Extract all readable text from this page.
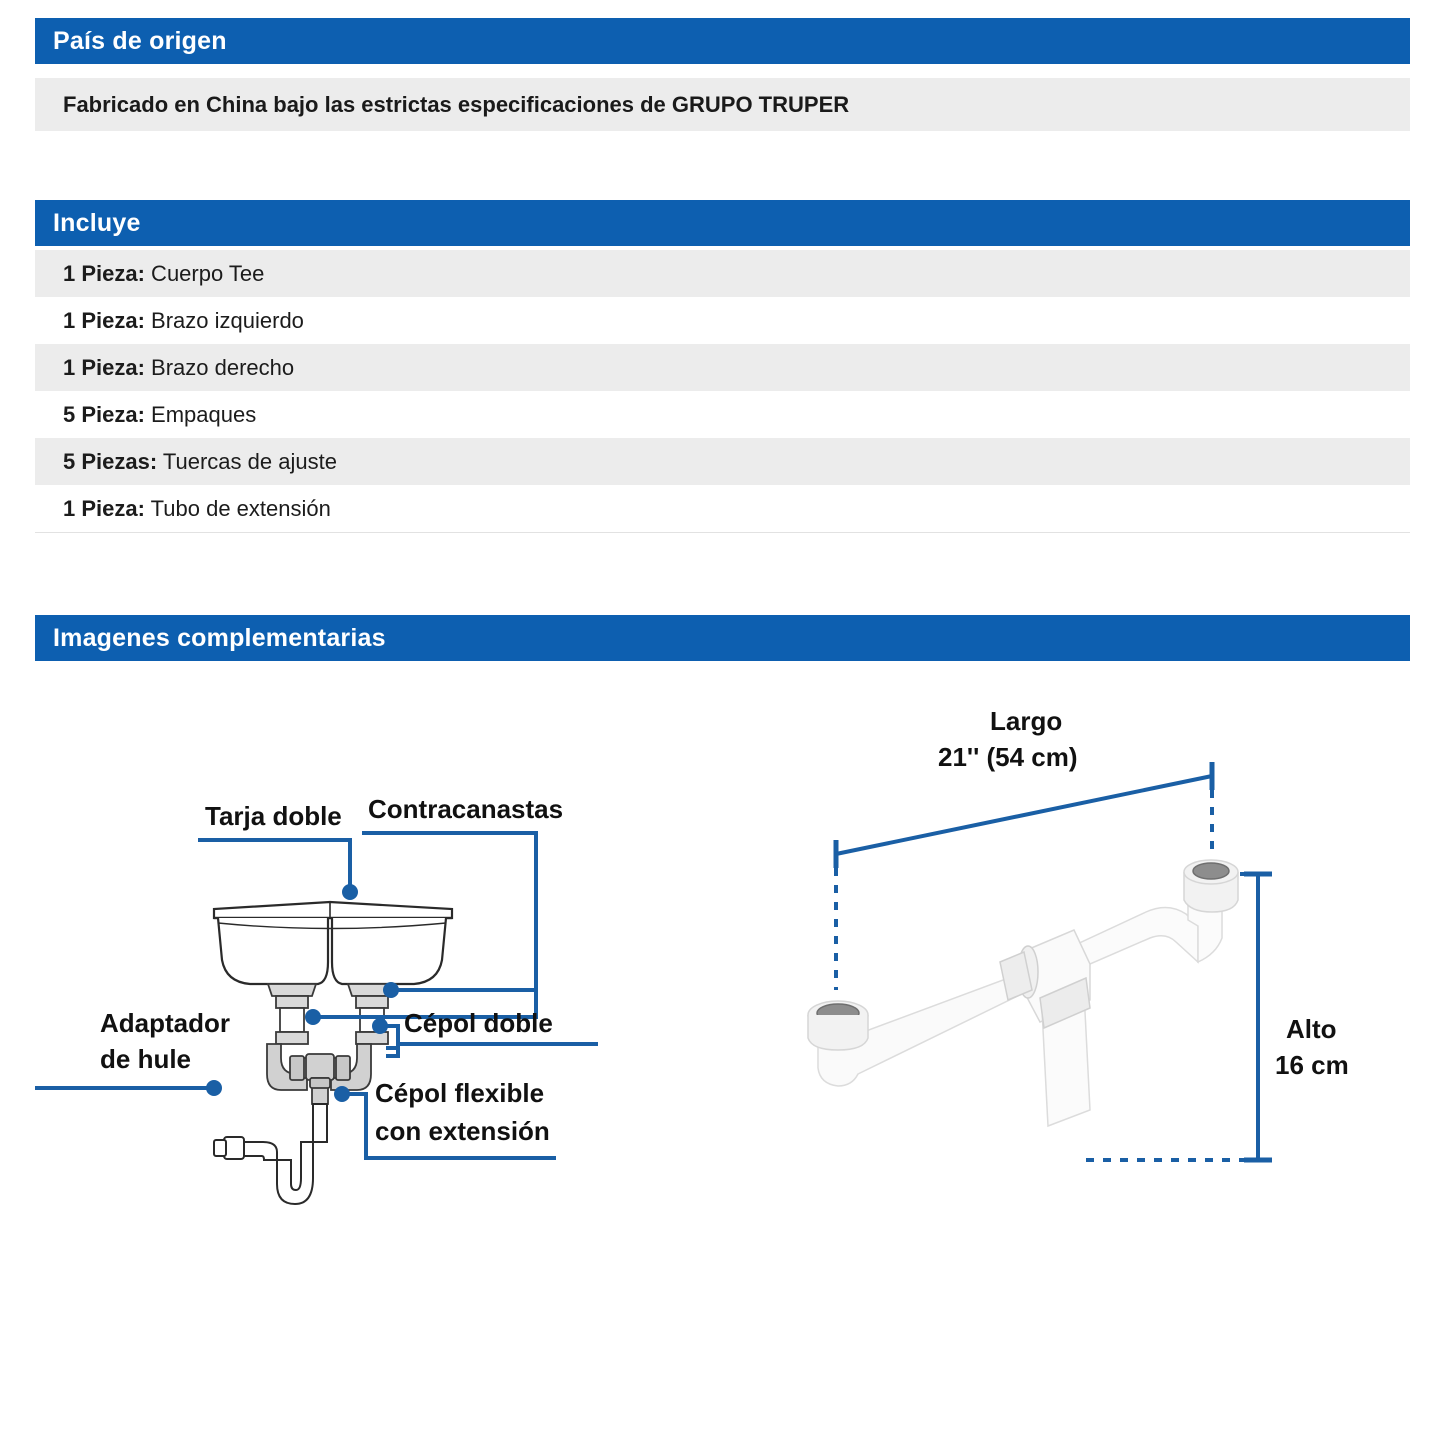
País de origen
Fabricado en China bajo las estrictas especificaciones de GRUPO TRUPER
Incluye
1 Pieza: Cuerpo Tee
1 Pieza: Brazo izquierdo
1 Pieza: Brazo derecho
5 Pieza: Empaques
5 Piezas: Tuercas de ajuste
1 Pieza: Tubo de extensión
Imagenes complementarias
Tarja doble Contracanastas
Cépol doble
Adaptador
de hule
Cépol flexible
con extensión
Largo
21'' (54 cm)
Alto
16 cm
